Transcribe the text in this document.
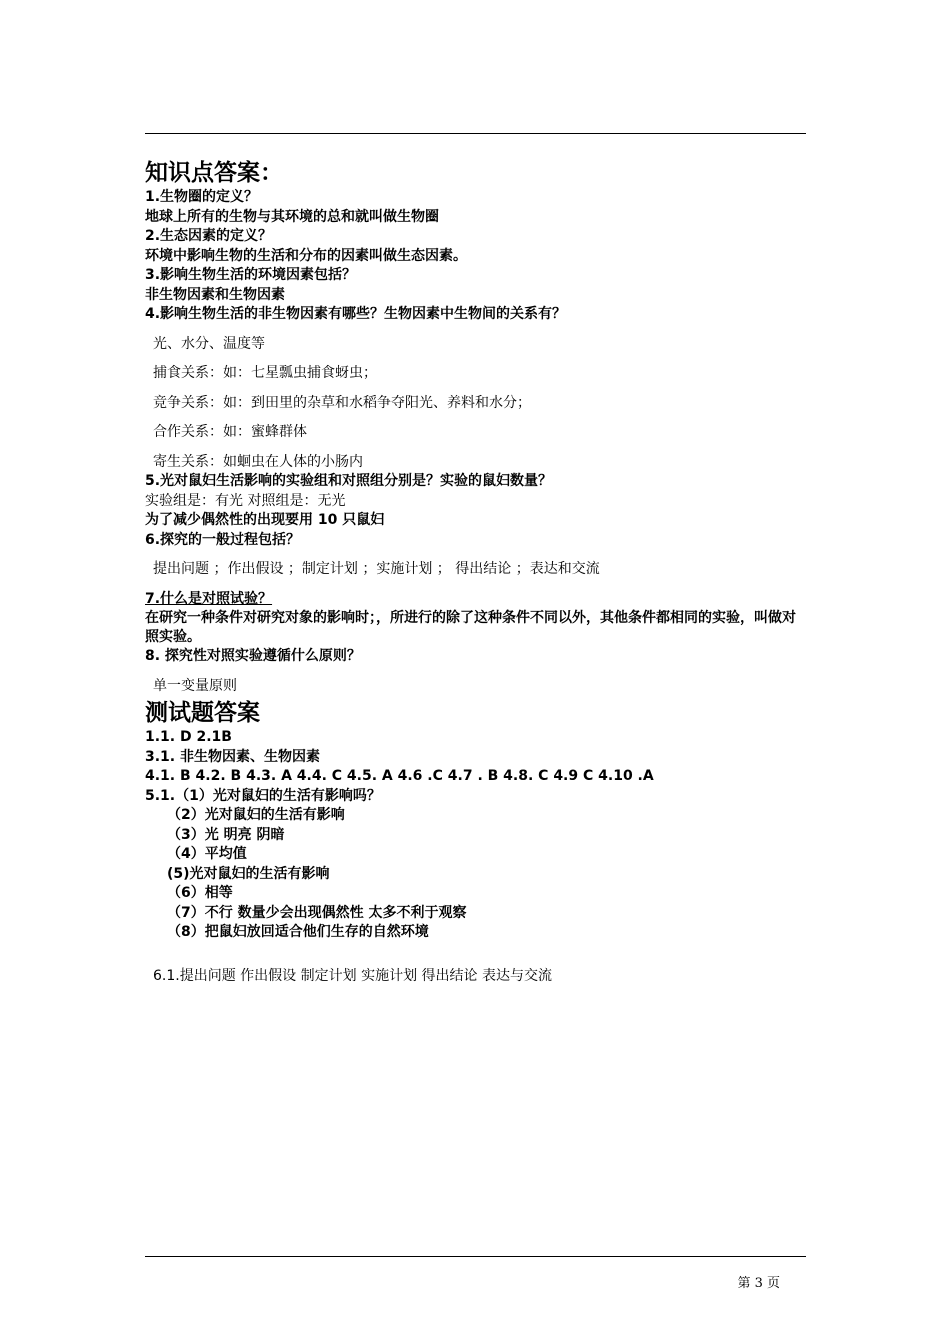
知识点答案：
1.生物圈的定义？
地球上所有的生物与其环境的总和就叫做生物圈
2.生态因素的定义？
环境中影响生物的生活和分布的因素叫做生态因素。
3.影响生物生活的环境因素包括？
非生物因素和生物因素
4.影响生物生活的非生物因素有哪些？生物因素中生物间的关系有？
光、水分、温度等
捕食关系：如：七星瓢虫捕食蚜虫；
竞争关系：如：到田里的杂草和水稻争夺阳光、养料和水分；
合作关系：如：蜜蜂群体
寄生关系：如蛔虫在人体的小肠内
5.光对鼠妇生活影响的实验组和对照组分别是？实验的鼠妇数量？
实验组是：有光 对照组是：无光
为了减少偶然性的出现要用 10 只鼠妇
6.探究的一般过程包括？
提出问题 ；作出假设 ；制定计划 ；实施计划 ； 得出结论 ；表达和交流
7.什么是对照试验？
在研究一种条件对研究对象的影响时；，所进行的除了这种条件不同以外，其他条件都相同的实验，叫做对照实验。
8. 探究性对照实验遵循什么原则？
单一变量原则
测试题答案
1.1. D 2.1B
3.1. 非生物因素、生物因素
4.1. B 4.2. B 4.3. A 4.4. C 4.5. A 4.6 .C 4.7 . B 4.8. C 4.9 C 4.10 .A
5.1.（1）光对鼠妇的生活有影响吗？
（2）光对鼠妇的生活有影响
（3）光 明亮 阴暗
（4）平均值
(5)光对鼠妇的生活有影响
（6）相等
（7）不行 数量少会出现偶然性 太多不利于观察
（8）把鼠妇放回适合他们生存的自然环境
6.1.提出问题 作出假设 制定计划 实施计划 得出结论 表达与交流
第 3 页
